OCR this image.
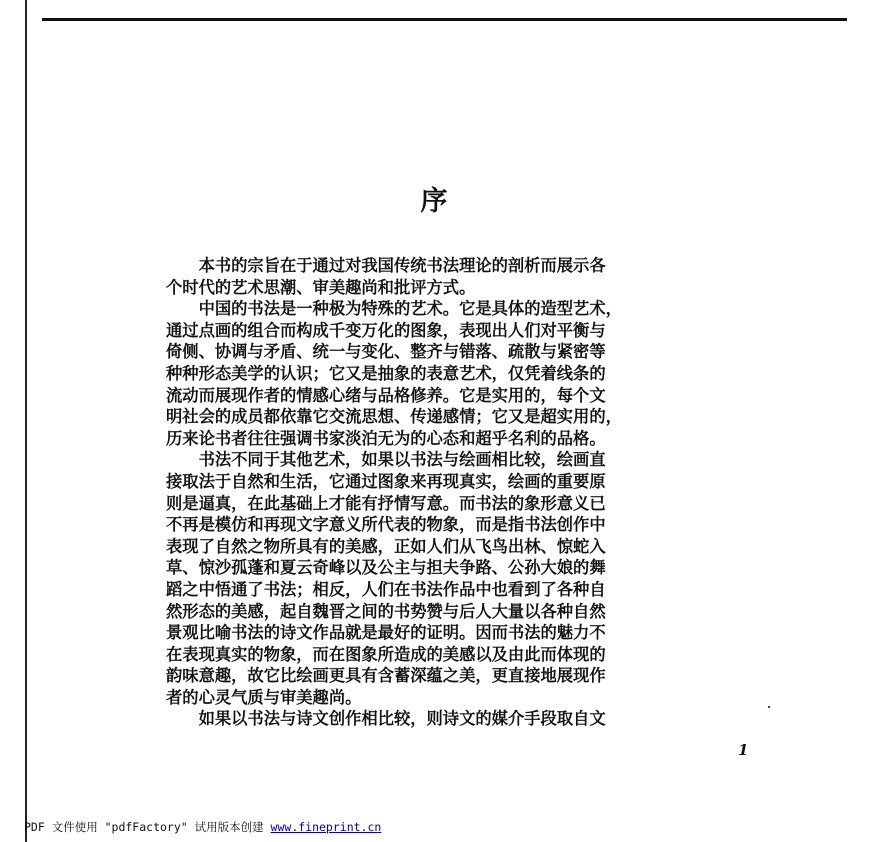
序
　　本书的宗旨在于通过对我国传统书法理论的剖析而展示各
个时代的艺术思潮、审美趣尚和批评方式。
　　中国的书法是一种极为特殊的艺术。它是具体的造型艺术，
通过点画的组合而构成千变万化的图象，表现出人们对平衡与
倚侧、协调与矛盾、统一与变化、整齐与错落、疏散与紧密等
种种形态美学的认识；它又是抽象的表意艺术，仅凭着线条的
流动而展现作者的情感心绪与品格修养。它是实用的，每个文
明社会的成员都依靠它交流思想、传递感情；它又是超实用的，
历来论书者往往强调书家淡泊无为的心态和超乎名利的品格。
　　书法不同于其他艺术，如果以书法与绘画相比较，绘画直
接取法于自然和生活，它通过图象来再现真实，绘画的重要原
则是逼真，在此基础上才能有抒情写意。而书法的象形意义已
不再是模仿和再现文字意义所代表的物象，而是指书法创作中
表现了自然之物所具有的美感，正如人们从飞鸟出林、惊蛇入
草、惊沙孤蓬和夏云奇峰以及公主与担夫争路、公孙大娘的舞
蹈之中悟通了书法；相反，人们在书法作品中也看到了各种自
然形态的美感，起自魏晋之间的书势赞与后人大量以各种自然
景观比喻书法的诗文作品就是最好的证明。因而书法的魅力不
在表现真实的物象，而在图象所造成的美感以及由此而体现的
韵味意趣，故它比绘画更具有含蓄深蕴之美，更直接地展现作
者的心灵气质与审美趣尚。
　　如果以书法与诗文创作相比较，则诗文的媒介手段取自文
1
PDF 文件使用 "pdfFactory" 试用版本创建 www.fineprint.cn
